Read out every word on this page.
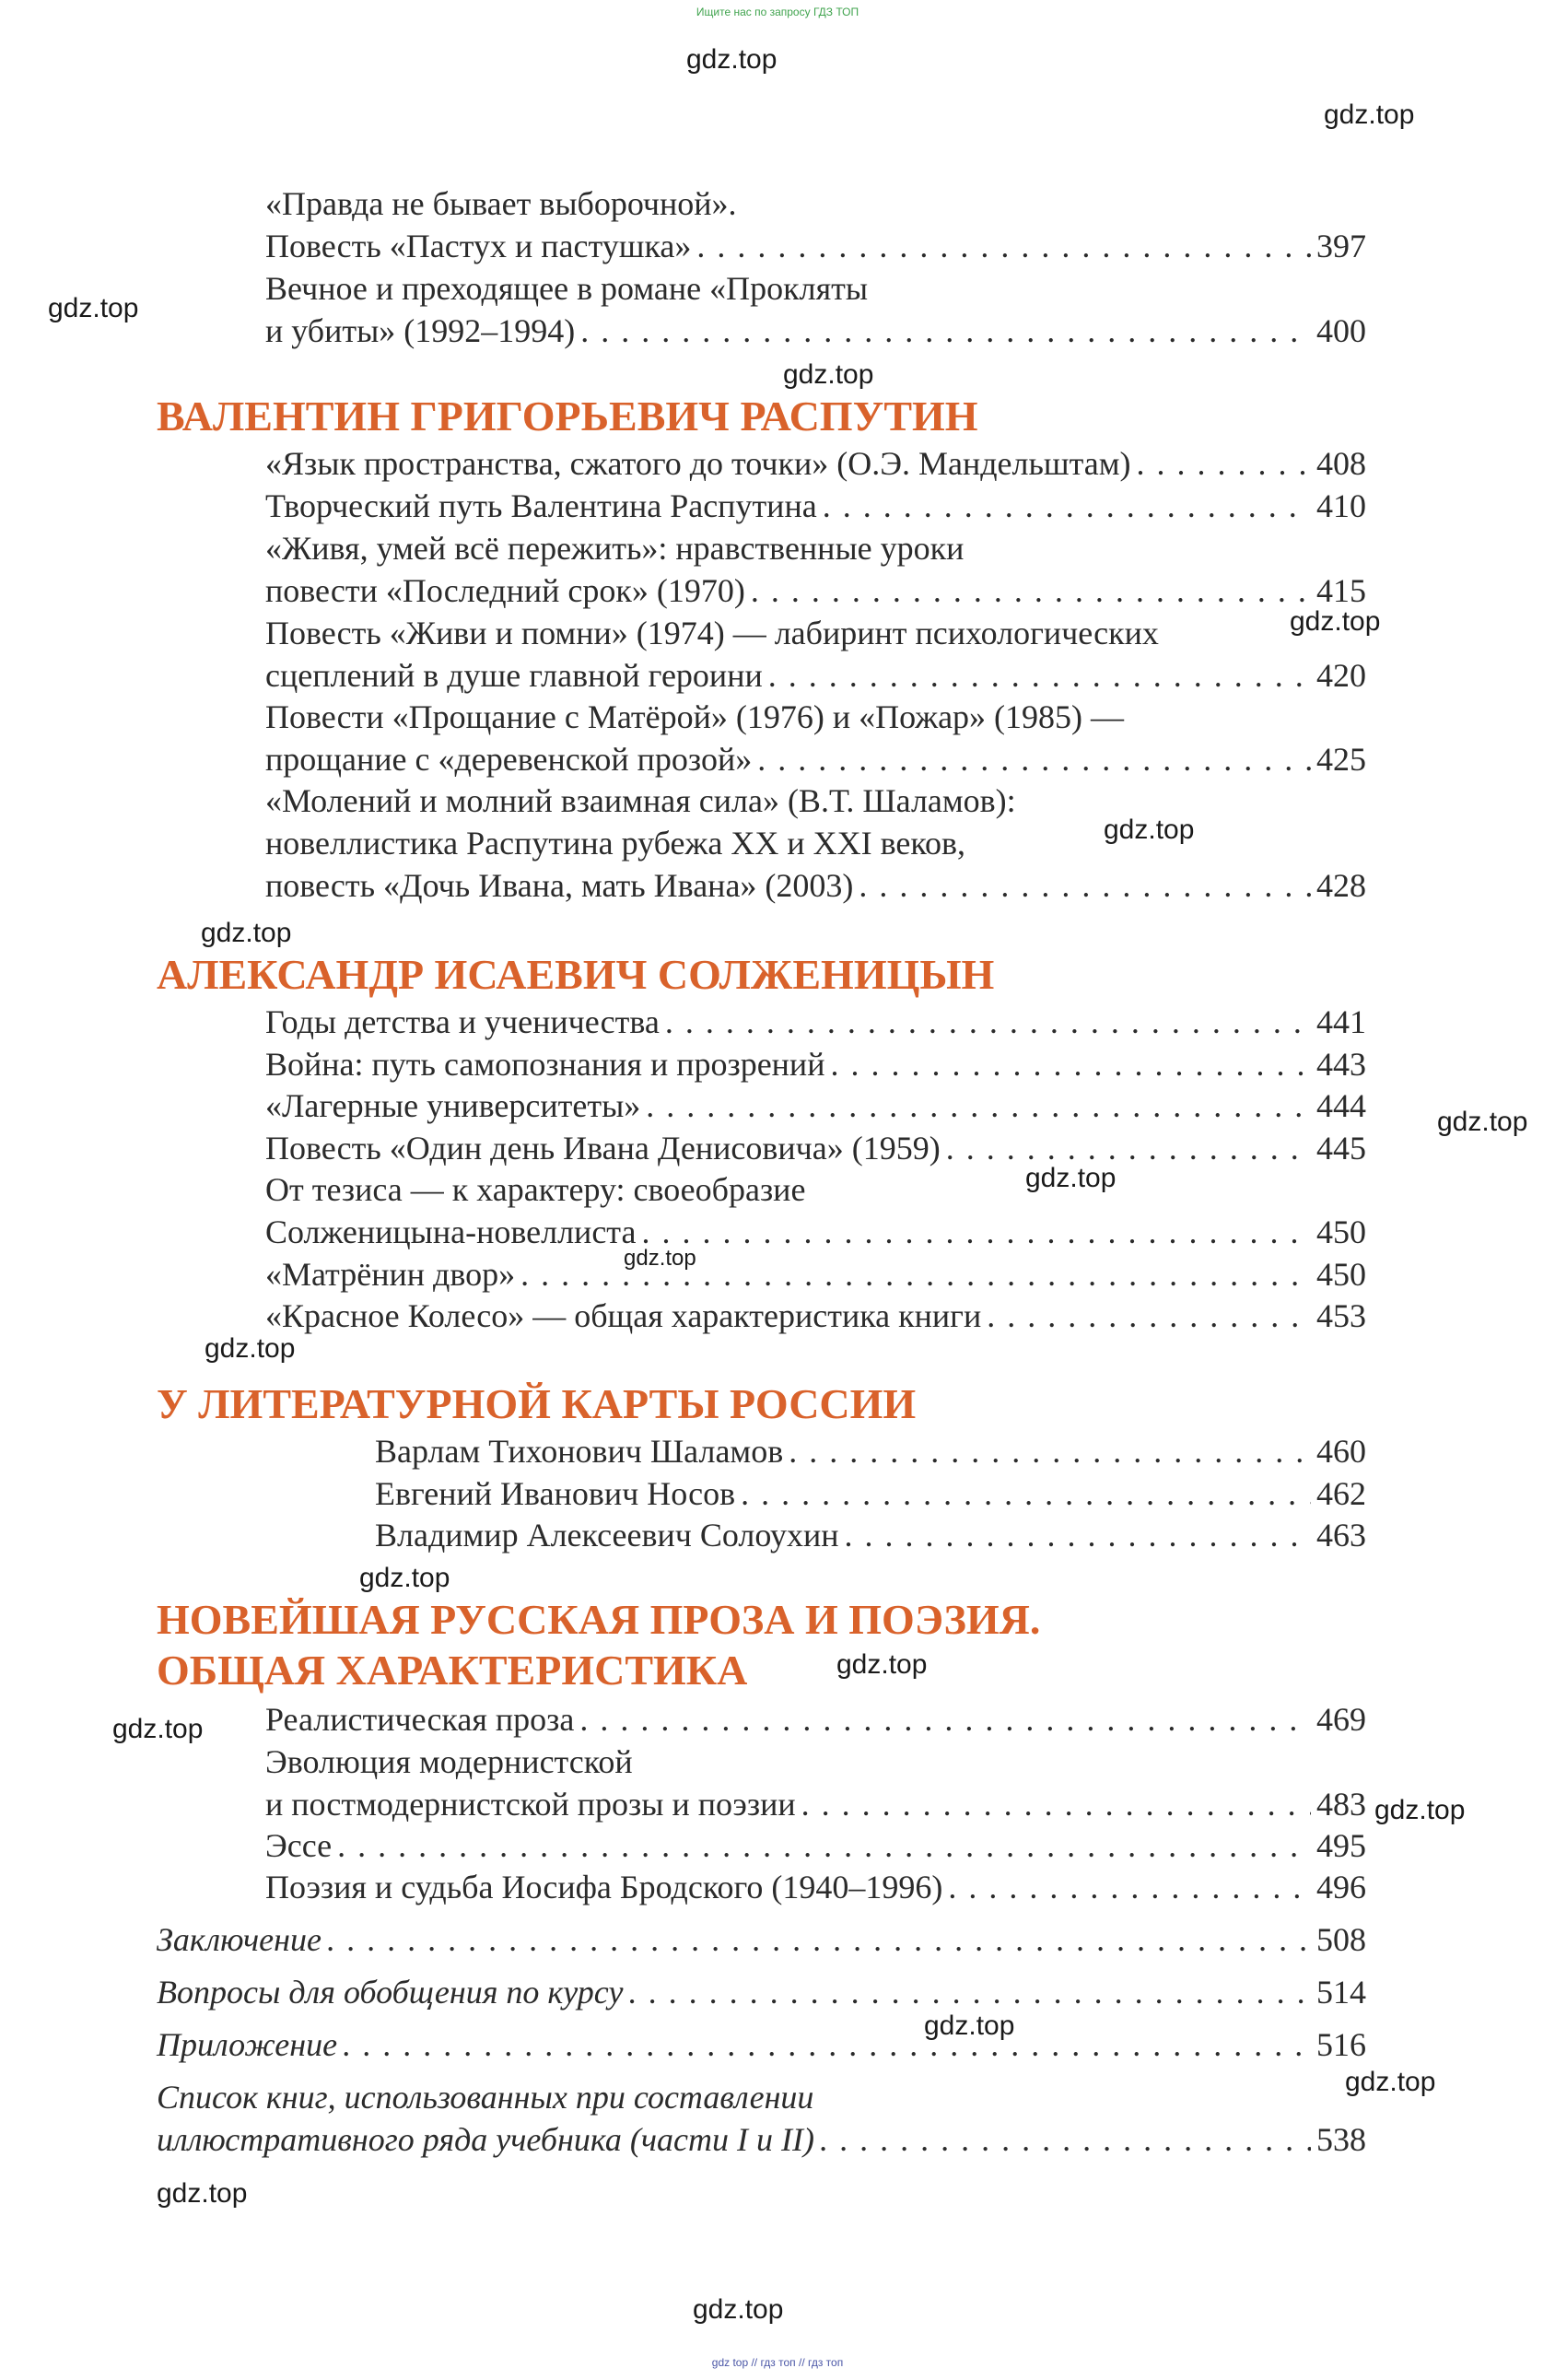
Ищите нас по запросу ГДЗ ТОП
gdz.top
gdz.top
gdz.top
gdz.top
gdz.top
gdz.top
gdz.top
gdz.top
gdz.top
gdz.top
gdz.top
gdz.top
gdz.top
gdz.top
gdz.top
gdz.top
gdz.top
gdz.top
gdz.top
«Правда не бывает выборочной».
Повесть «Пастух и пастушка» . . .	397
Вечное и преходящее в романе «Прокляты
и убиты» (1992–1994) . . .	400
ВАЛЕНТИН ГРИГОРЬЕВИЧ РАСПУТИН
«Язык пространства, сжатого до точки» (О.Э. Мандельштам) . . .	408
Творческий путь Валентина Распутина . . .	410
«Живя, умей всё пережить»: нравственные уроки
повести «Последний срок» (1970) . . .	415
Повесть «Живи и помни» (1974) — лабиринт психологических
сцеплений в душе главной героини . . .	420
Повести «Прощание с Матёрой» (1976) и «Пожар» (1985) —
прощание с «деревенской прозой» . . .	425
«Молений и молний взаимная сила» (В.Т. Шаламов):
новеллистика Распутина рубежа XX и XXI веков,
повесть «Дочь Ивана, мать Ивана» (2003) . . .	428
АЛЕКСАНДР ИСАЕВИЧ СОЛЖЕНИЦЫН
Годы детства и ученичества . . .	441
Война: путь самопознания и прозрений . . .	443
«Лагерные университеты» . . .	444
Повесть «Один день Ивана Денисовича» (1959) . . .	445
От тезиса — к характеру: своеобразие
Солженицына-новеллиста . . .	450
«Матрёнин двор» . . .	450
«Красное Колесо» — общая характеристика книги . . .	453
У ЛИТЕРАТУРНОЙ КАРТЫ РОССИИ
Варлам Тихонович Шаламов . . .	460
Евгений Иванович Носов . . .	462
Владимир Алексеевич Солоухин . . .	463
НОВЕЙШАЯ РУССКАЯ ПРОЗА И ПОЭЗИЯ.
ОБЩАЯ ХАРАКТЕРИСТИКА
Реалистическая проза . . .	469
Эволюция модернистской
и постмодернистской прозы и поэзии . . .	483
Эссе . . .	495
Поэзия и судьба Иосифа Бродского (1940–1996) . . .	496
Заключение . . .	508
Вопросы для обобщения по курсу . . .	514
Приложение . . .	516
Список книг, использованных при составлении
иллюстративного ряда учебника (части I и II) . . .	538
gdz top // гдз топ // гдз топ
